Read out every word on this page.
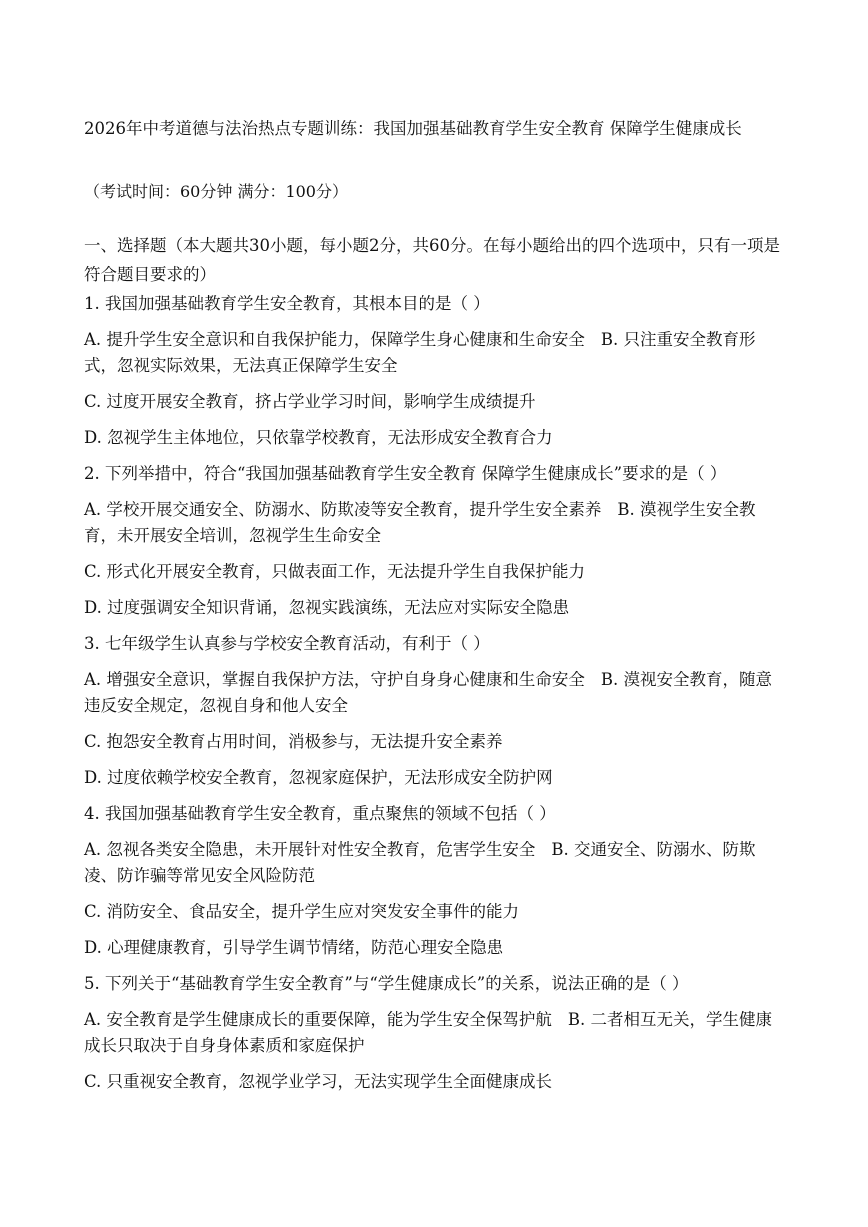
2026年中考道德与法治热点专题训练：我国加强基础教育学生安全教育 保障学生健康成长
（考试时间：60分钟 满分：100分）
一、选择题（本大题共30小题，每小题2分，共60分。在每小题给出的四个选项中，只有一项是符合题目要求的）
1. 我国加强基础教育学生安全教育，其根本目的是（ ）
A. 提升学生安全意识和自我保护能力，保障学生身心健康和生命安全 B. 只注重安全教育形式，忽视实际效果，无法真正保障学生安全
C. 过度开展安全教育，挤占学业学习时间，影响学生成绩提升
D. 忽视学生主体地位，只依靠学校教育，无法形成安全教育合力
2. 下列举措中，符合“我国加强基础教育学生安全教育 保障学生健康成长”要求的是（ ）
A. 学校开展交通安全、防溺水、防欺凌等安全教育，提升学生安全素养 B. 漠视学生安全教育，未开展安全培训，忽视学生生命安全
C. 形式化开展安全教育，只做表面工作，无法提升学生自我保护能力
D. 过度强调安全知识背诵，忽视实践演练，无法应对实际安全隐患
3. 七年级学生认真参与学校安全教育活动，有利于（ ）
A. 增强安全意识，掌握自我保护方法，守护自身身心健康和生命安全 B. 漠视安全教育，随意违反安全规定，忽视自身和他人安全
C. 抱怨安全教育占用时间，消极参与，无法提升安全素养
D. 过度依赖学校安全教育，忽视家庭保护，无法形成安全防护网
4. 我国加强基础教育学生安全教育，重点聚焦的领域不包括（ ）
A. 忽视各类安全隐患，未开展针对性安全教育，危害学生安全 B. 交通安全、防溺水、防欺凌、防诈骗等常见安全风险防范
C. 消防安全、食品安全，提升学生应对突发安全事件的能力
D. 心理健康教育，引导学生调节情绪，防范心理安全隐患
5. 下列关于“基础教育学生安全教育”与“学生健康成长”的关系，说法正确的是（ ）
A. 安全教育是学生健康成长的重要保障，能为学生安全保驾护航 B. 二者相互无关，学生健康成长只取决于自身身体素质和家庭保护
C. 只重视安全教育，忽视学业学习，无法实现学生全面健康成长
